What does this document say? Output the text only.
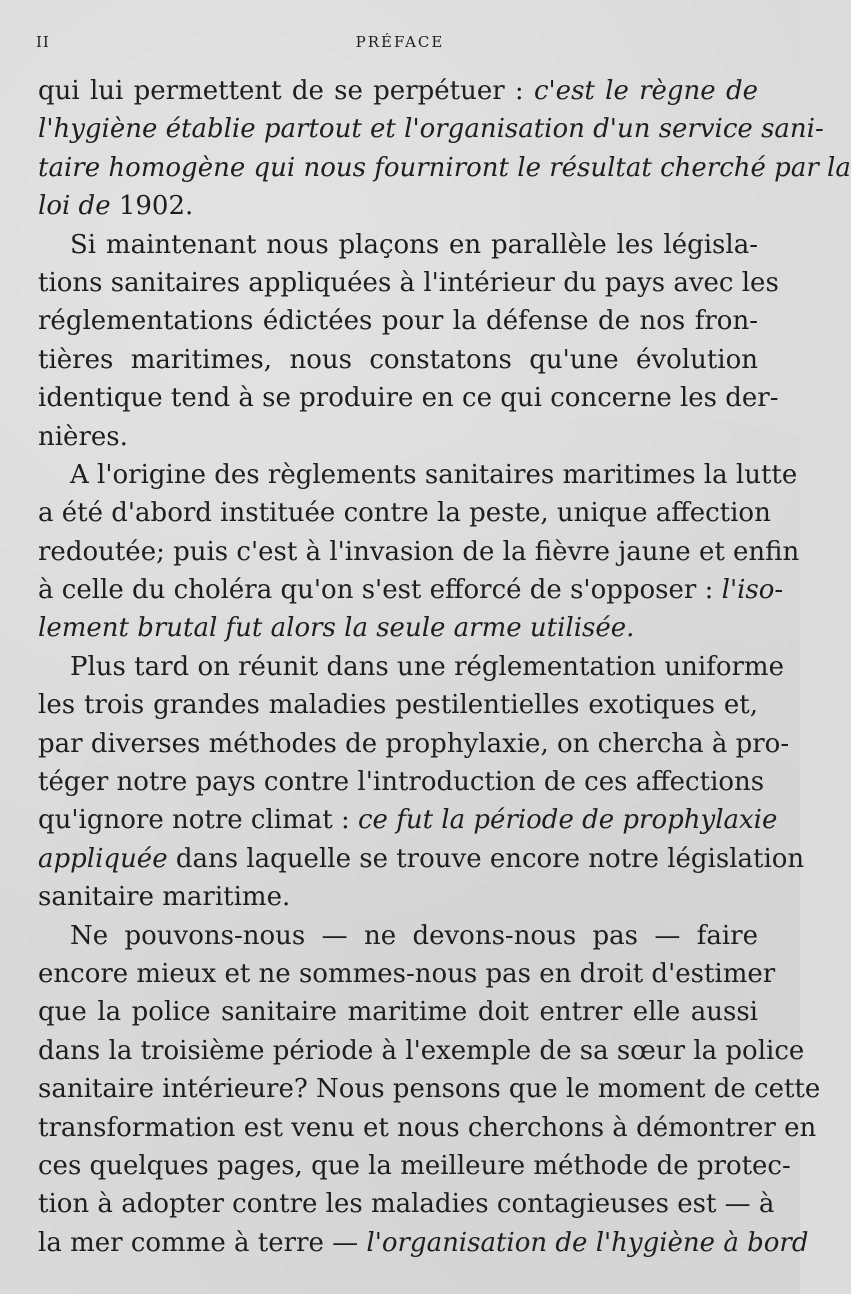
II	PRÉFACE
qui lui permettent de se perpétuer : c'est le règne de
l'hygiène établie partout et l'organisation d'un service sani-
taire homogène qui nous fourniront le résultat cherché par la
loi de 1902.
Si maintenant nous plaçons en parallèle les législa-
tions sanitaires appliquées à l'intérieur du pays avec les
réglementations édictées pour la défense de nos fron-
tières maritimes, nous constatons qu'une évolution
identique tend à se produire en ce qui concerne les der-
nières.
A l'origine des règlements sanitaires maritimes la lutte
a été d'abord instituée contre la peste, unique affection
redoutée; puis c'est à l'invasion de la fièvre jaune et enfin
à celle du choléra qu'on s'est efforcé de s'opposer : l'iso-
lement brutal fut alors la seule arme utilisée.
Plus tard on réunit dans une réglementation uniforme
les trois grandes maladies pestilentielles exotiques et,
par diverses méthodes de prophylaxie, on chercha à pro-
téger notre pays contre l'introduction de ces affections
qu'ignore notre climat : ce fut la période de prophylaxie
appliquée dans laquelle se trouve encore notre législation
sanitaire maritime.
Ne pouvons-nous — ne devons-nous pas — faire
encore mieux et ne sommes-nous pas en droit d'estimer
que la police sanitaire maritime doit entrer elle aussi
dans la troisième période à l'exemple de sa sœur la police
sanitaire intérieure? Nous pensons que le moment de cette
transformation est venu et nous cherchons à démontrer en
ces quelques pages, que la meilleure méthode de protec-
tion à adopter contre les maladies contagieuses est — à
la mer comme à terre — l'organisation de l'hygiène à bord
